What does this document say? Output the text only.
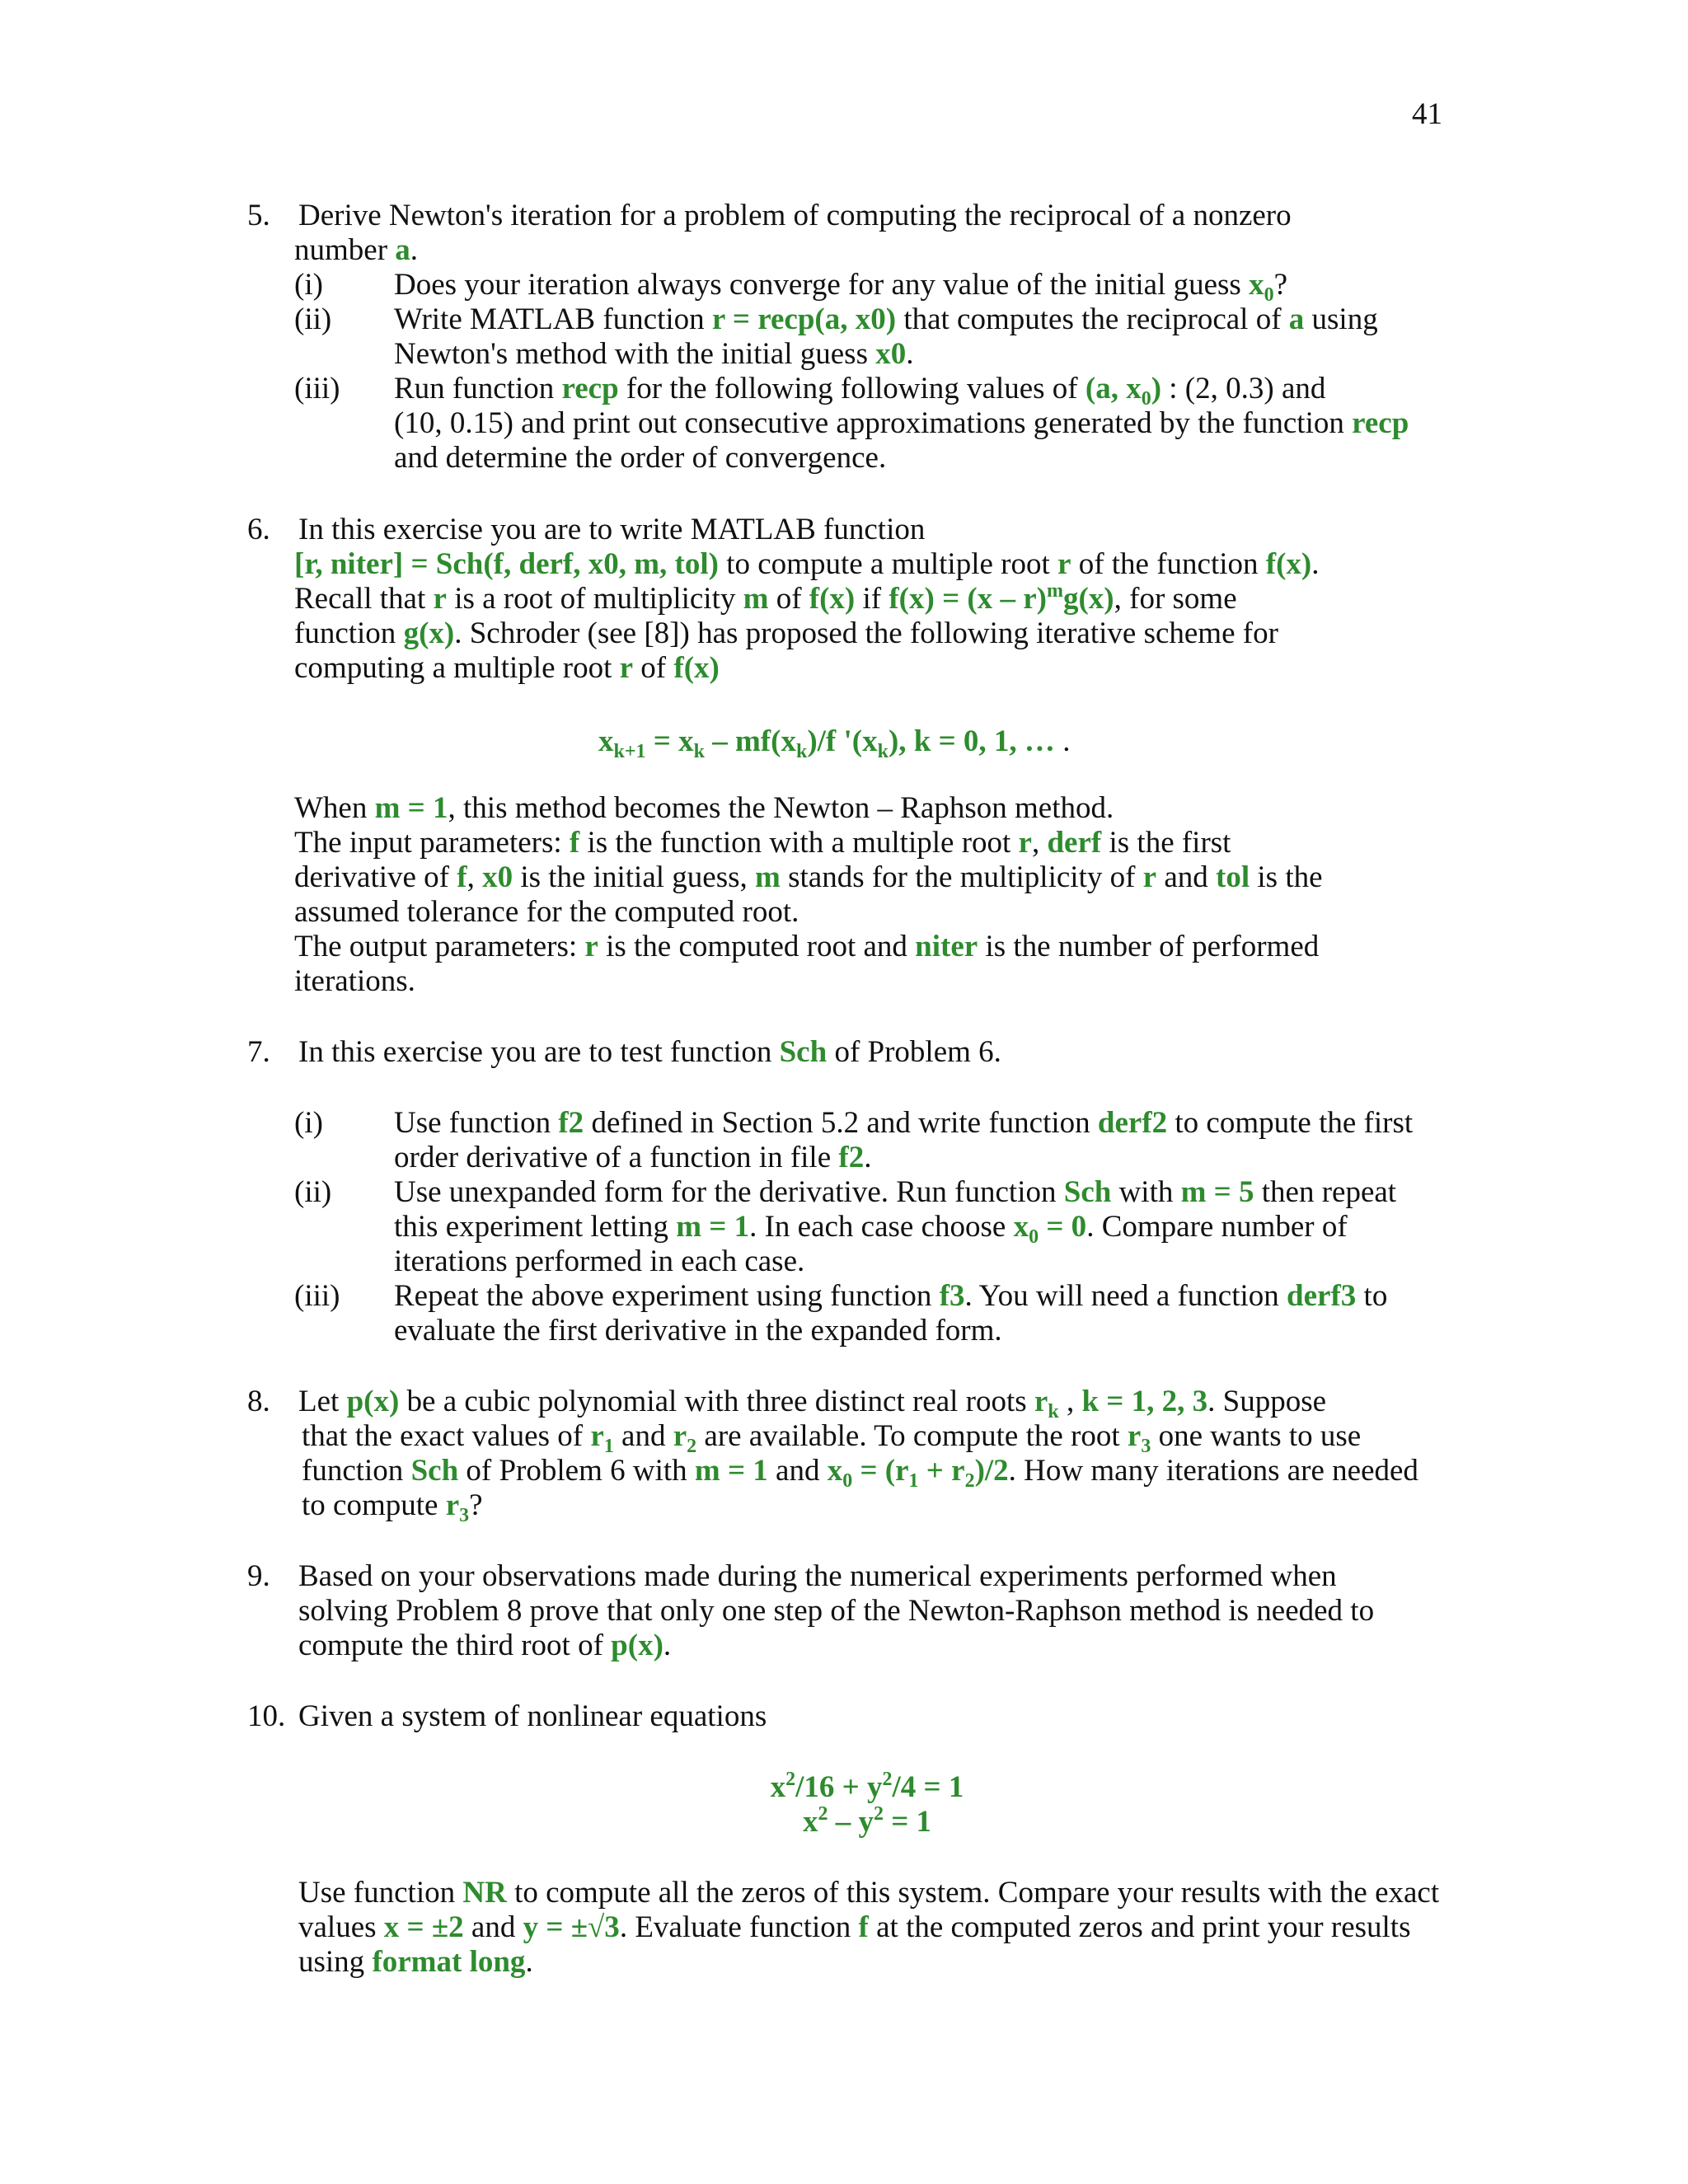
41
5. Derive Newton's iteration for a problem of computing the reciprocal of a nonzero
number a.
(i) Does your iteration always converge for any value of the initial guess $x_0$?
(ii) Write MATLAB function r = recp(a, x0) that computes the reciprocal of a using
Newton's method with the initial guess x0.
(iii) Run function recp for the following following values of (a, $x_0$) : (2, 0.3) and
(10, 0.15) and print out consecutive approximations generated by the function recp
and determine the order of convergence.
6. In this exercise you are to write MATLAB function
[r, niter] = Sch(f, derf, x0, m, tol) to compute a multiple root r of the function f(x).
Recall that r is a root of multiplicity m of f(x) if f(x) = (x – r)$^m$g(x), for some
function g(x). Schroder (see [8]) has proposed the following iterative scheme for
computing a multiple root r of f(x)
$x_{k+1} = x_k - mf(x_k)/f$ '$(x_k)$, k = 0, 1, … .
When m = 1, this method becomes the Newton – Raphson method.
The input parameters: f is the function with a multiple root r, derf is the first
derivative of f, x0 is the initial guess, m stands for the multiplicity of r and tol is the
assumed tolerance for the computed root.
The output parameters: r is the computed root and niter is the number of performed
iterations.
7. In this exercise you are to test function Sch of Problem 6.
(i) Use function f2 defined in Section 5.2 and write function derf2 to compute the first
order derivative of a function in file f2.
(ii) Use unexpanded form for the derivative. Run function Sch with m = 5 then repeat
this experiment letting m = 1. In each case choose $x_0 = 0$. Compare number of
iterations performed in each case.
(iii) Repeat the above experiment using function f3. You will need a function derf3 to
evaluate the first derivative in the expanded form.
8. Let p(x) be a cubic polynomial with three distinct real roots $r_k$ , k = 1, 2, 3. Suppose
that the exact values of $r_1$ and $r_2$ are available. To compute the root $r_3$ one wants to use
function Sch of Problem 6 with m = 1 and $x_0 = (r_1 + r_2)/2$. How many iterations are needed
to compute $r_3$?
9. Based on your observations made during the numerical experiments performed when
solving Problem 8 prove that only one step of the Newton-Raphson method is needed to
compute the third root of p(x).
10. Given a system of nonlinear equations
$x^2/16 + y^2/4 = 1$
$x^2 - y^2 = 1$
Use function NR to compute all the zeros of this system. Compare your results with the exact
values x = ±2 and y = ±√3. Evaluate function f at the computed zeros and print your results
using format long.
